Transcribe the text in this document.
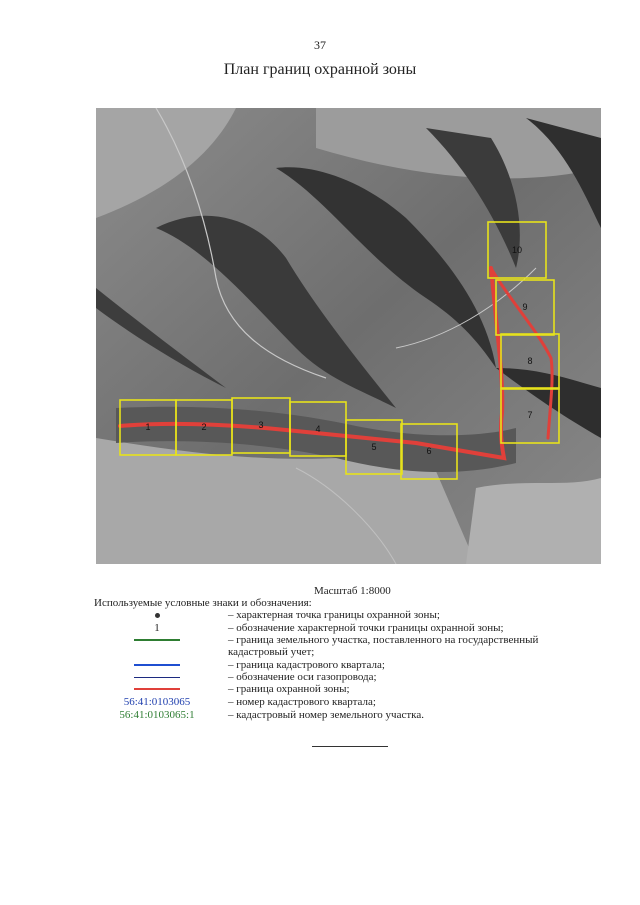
37
План границ охранной зоны
1	2	3	4
5	6
7
8
9
10
Масштаб 1:8000
Используемые условные знаки и обозначения:
– характерная точка границы охранной зоны;
1	– обозначение характерной точки границы охранной зоны;
– граница земельного участка, поставленного на государственный кадастровый учет;
– граница кадастрового квартала;
– обозначение оси газопровода;
– граница охранной зоны;
56:41:0103065	– номер кадастрового квартала;
56:41:0103065:1	– кадастровый номер земельного участка.
